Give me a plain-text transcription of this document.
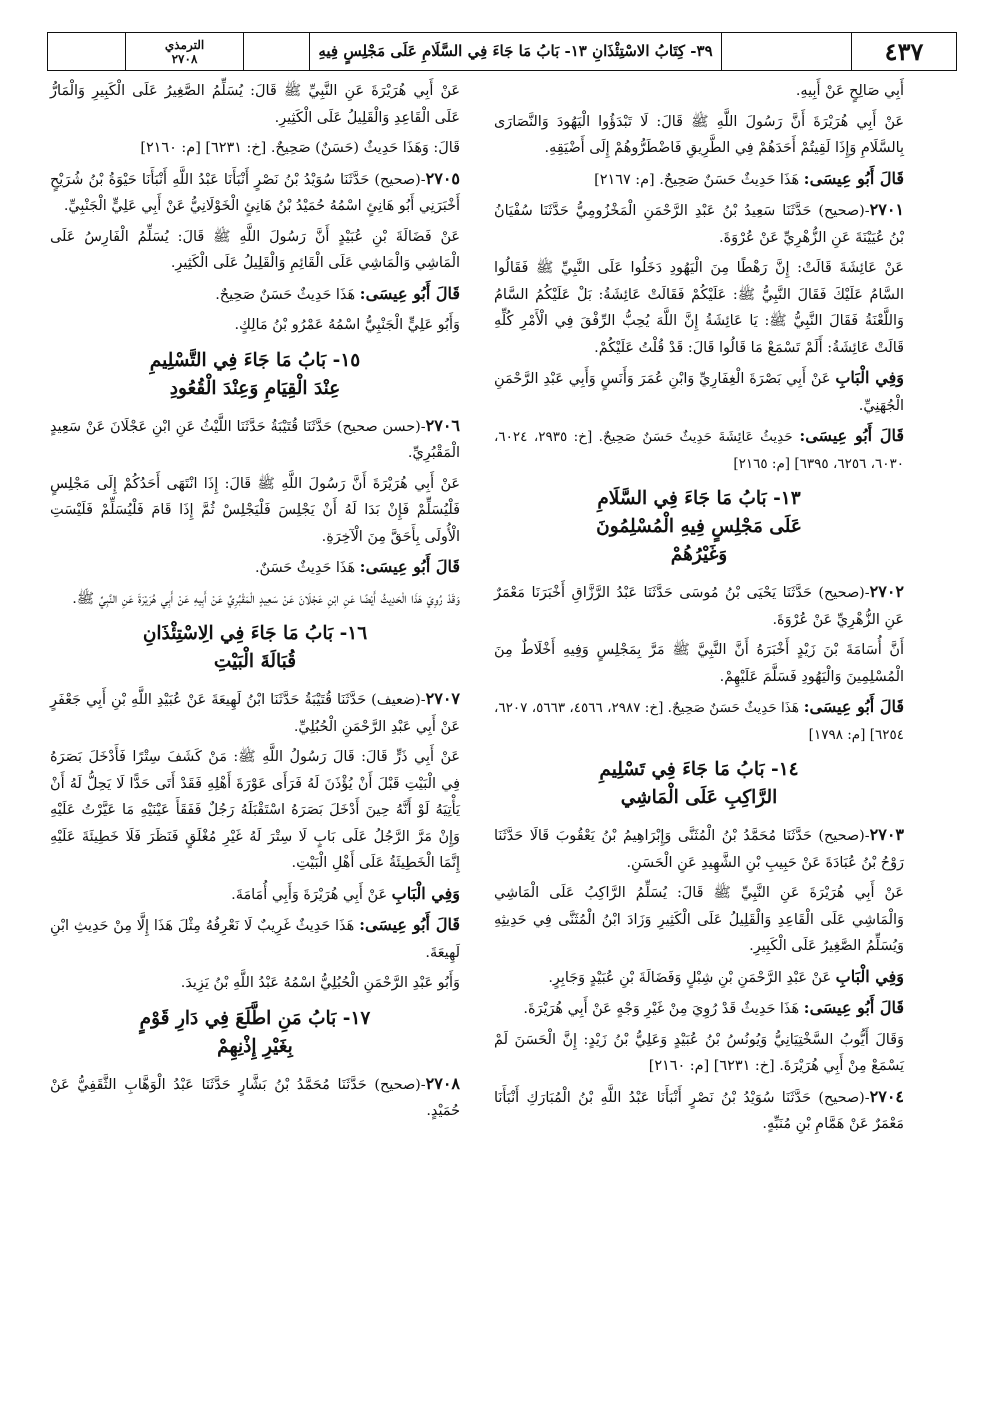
٤٣٧
٣٩- كِتَابُ الاسْتِئْذَانِ ١٣- بَابُ مَا جَاءَ فِي السَّلَامِ عَلَى مَجْلِسٍ فِيهِ
الترمذي
٢٧٠٨

أَبِي صَالِحٍ عَنْ أَبِيهِ.

عَنْ أَبِي هُرَيْرَةَ أَنَّ رَسُولَ اللَّهِ ﷺ قَالَ: لَا تَبْدَؤُوا الْيَهُودَ وَالنَّصَارَى بِالسَّلَامِ وَإِذَا لَقِيتُمْ أَحَدَهُمْ فِي الطَّرِيقِ فَاضْطَرُّوهُمْ إِلَى أَضْيَقِهِ.

قَالَ أَبُو عِيسَى: هَذَا حَدِيثٌ حَسَنٌ صَحِيحٌ. [م: ٢١٦٧]

٢٧٠١-(صحيح) حَدَّثَنَا سَعِيدُ بْنُ عَبْدِ الرَّحْمَنِ الْمَخْزُومِيُّ حَدَّثَنَا سُفْيَانُ بْنُ عُيَيْنَةَ عَنِ الزُّهْرِيِّ عَنْ عُرْوَةَ.

عَنْ عَائِشَةَ قَالَتْ: إِنَّ رَهْطًا مِنَ الْيَهُودِ دَخَلُوا عَلَى النَّبِيِّ ﷺ فَقَالُوا السَّامُ عَلَيْكَ فَقَالَ النَّبِيُّ ﷺ: عَلَيْكُمْ فَقَالَتْ عَائِشَةُ: بَلْ عَلَيْكُمُ السَّامُ وَاللَّعْنَةُ فَقَالَ النَّبِيُّ ﷺ: يَا عَائِشَةُ إِنَّ اللَّهَ يُحِبُّ الرِّفْقَ فِي الْأَمْرِ كُلِّهِ قَالَتْ عَائِشَةُ: أَلَمْ تَسْمَعْ مَا قَالُوا قَالَ: قَدْ قُلْتُ عَلَيْكُمْ.

وَفِي الْبَابِ عَنْ أَبِي بَصْرَةَ الْغِفَارِيِّ وَابْنِ عُمَرَ وَأَنَسٍ وَأَبِي عَبْدِ الرَّحْمَنِ الْجُهَنِيِّ.

قَالَ أَبُو عِيسَى: حَدِيثُ عَائِشَةَ حَدِيثٌ حَسَنٌ صَحِيحٌ. [خ: ٢٩٣٥، ٦٠٢٤، ٦٠٣٠، ٦٢٥٦، ٦٣٩٥] [م: ٢١٦٥]

١٣- بَابُ مَا جَاءَ فِي السَّلَامِ
عَلَى مَجْلِسٍ فِيهِ الْمُسْلِمُونَ
وَغَيْرُهُمْ

٢٧٠٢-(صحيح) حَدَّثَنَا يَحْيَى بْنُ مُوسَى حَدَّثَنَا عَبْدُ الرَّزَّاقِ أَخْبَرَنَا مَعْمَرٌ عَنِ الزُّهْرِيِّ عَنْ عُرْوَةَ.

أَنَّ أُسَامَةَ بْنَ زَيْدٍ أَخْبَرَهُ أَنَّ النَّبِيَّ ﷺ مَرَّ بِمَجْلِسٍ وَفِيهِ أَخْلَاطٌ مِنَ الْمُسْلِمِينَ وَالْيَهُودِ فَسَلَّمَ عَلَيْهِمْ.

قَالَ أَبُو عِيسَى: هَذَا حَدِيثٌ حَسَنٌ صَحِيحٌ. [خ: ٢٩٨٧، ٤٥٦٦، ٥٦٦٣، ٦٢٠٧، ٦٢٥٤] [م: ١٧٩٨]

١٤- بَابُ مَا جَاءَ فِي تَسْلِيمِ
الرَّاكِبِ عَلَى الْمَاشِي

٢٧٠٣-(صحيح) حَدَّثَنَا مُحَمَّدُ بْنُ الْمُثَنَّى وَإِبْرَاهِيمُ بْنُ يَعْقُوبَ قَالَا حَدَّثَنَا رَوْحُ بْنُ عُبَادَةَ عَنْ حَبِيبِ بْنِ الشَّهِيدِ عَنِ الْحَسَنِ.

عَنْ أَبِي هُرَيْرَةَ عَنِ النَّبِيِّ ﷺ قَالَ: يُسَلِّمُ الرَّاكِبُ عَلَى الْمَاشِي وَالْمَاشِي عَلَى الْقَاعِدِ وَالْقَلِيلُ عَلَى الْكَثِيرِ وَزَادَ ابْنُ الْمُثَنَّى فِي حَدِيثِهِ وَيُسَلِّمُ الصَّغِيرُ عَلَى الْكَبِيرِ.

وَفِي الْبَابِ عَنْ عَبْدِ الرَّحْمَنِ بْنِ شِبْلٍ وَفَضَالَةَ بْنِ عُبَيْدٍ وَجَابِرٍ.

قَالَ أَبُو عِيسَى: هَذَا حَدِيثٌ قَدْ رُوِيَ مِنْ غَيْرِ وَجْهٍ عَنْ أَبِي هُرَيْرَةَ.

وَقَالَ أَيُّوبُ السَّخْتِيَانِيُّ وَيُونُسُ بْنُ عُبَيْدٍ وَعَلِيُّ بْنُ زَيْدٍ: إِنَّ الْحَسَنَ لَمْ يَسْمَعْ مِنْ أَبِي هُرَيْرَةَ. [خ: ٦٢٣١] [م: ٢١٦٠]

٢٧٠٤-(صحيح) حَدَّثَنَا سُوَيْدُ بْنُ نَصْرٍ أَنْبَأَنَا عَبْدُ اللَّهِ بْنُ الْمُبَارَكِ أَنْبَأَنَا مَعْمَرٌ عَنْ هَمَّامِ بْنِ مُنَبِّهٍ.

عَنْ أَبِي هُرَيْرَةَ عَنِ النَّبِيِّ ﷺ قَالَ: يُسَلِّمُ الصَّغِيرُ عَلَى الْكَبِيرِ وَالْمَارُّ عَلَى الْقَاعِدِ وَالْقَلِيلُ عَلَى الْكَثِيرِ.

قَالَ: وَهَذَا حَدِيثٌ (حَسَنٌ) صَحِيحٌ. [خ: ٦٢٣١] [م: ٢١٦٠]

٢٧٠٥-(صحيح) حَدَّثَنَا سُوَيْدُ بْنُ نَصْرٍ أَنْبَأَنَا عَبْدُ اللَّهِ أَنْبَأَنَا حَيْوَةُ بْنُ شُرَيْحٍ أَخْبَرَنِي أَبُو هَانِئٍ اسْمُهُ حُمَيْدُ بْنُ هَانِئٍ الْخَوْلَانِيُّ عَنْ أَبِي عَلِيٍّ الْجَنْبِيِّ.

عَنْ فَضَالَةَ بْنِ عُبَيْدٍ أَنَّ رَسُولَ اللَّهِ ﷺ قَالَ: يُسَلِّمُ الْفَارِسُ عَلَى الْمَاشِي وَالْمَاشِي عَلَى الْقَائِمِ وَالْقَلِيلُ عَلَى الْكَثِيرِ.

قَالَ أَبُو عِيسَى: هَذَا حَدِيثٌ حَسَنٌ صَحِيحٌ.

وَأَبُو عَلِيٍّ الْجَنْبِيُّ اسْمُهُ عَمْرُو بْنُ مَالِكٍ.

١٥- بَابُ مَا جَاءَ فِي التَّسْلِيمِ
عِنْدَ الْقِيَامِ وَعِنْدَ الْقُعُودِ

٢٧٠٦-(حسن صحيح) حَدَّثَنَا قُتَيْبَةُ حَدَّثَنَا اللَّيْثُ عَنِ ابْنِ عَجْلَانَ عَنْ سَعِيدٍ الْمَقْبُرِيِّ.

عَنْ أَبِي هُرَيْرَةَ أَنَّ رَسُولَ اللَّهِ ﷺ قَالَ: إِذَا انْتَهَى أَحَدُكُمْ إِلَى مَجْلِسٍ فَلْيُسَلِّمْ فَإِنْ بَدَا لَهُ أَنْ يَجْلِسَ فَلْيَجْلِسْ ثُمَّ إِذَا قَامَ فَلْيُسَلِّمْ فَلَيْسَتِ الْأُولَى بِأَحَقَّ مِنَ الْآخِرَةِ.

قَالَ أَبُو عِيسَى: هَذَا حَدِيثٌ حَسَنٌ.

وَقَدْ رُوِيَ هَذَا الْحَدِيثُ أَيْضًا عَنِ ابْنِ عَجْلَانَ عَنْ سَعِيدٍ الْمَقْبُرِيِّ عَنْ أَبِيهِ عَنْ أَبِي هُرَيْرَةَ عَنِ النَّبِيِّ ﷺ.

١٦- بَابُ مَا جَاءَ فِي الِاسْتِئْذَانِ
قُبَالَةَ الْبَيْتِ

٢٧٠٧-(ضعيف) حَدَّثَنَا قُتَيْبَةُ حَدَّثَنَا ابْنُ لَهِيعَةَ عَنْ عُبَيْدِ اللَّهِ بْنِ أَبِي جَعْفَرٍ عَنْ أَبِي عَبْدِ الرَّحْمَنِ الْحُبُلِيِّ.

عَنْ أَبِي ذَرٍّ قَالَ: قَالَ رَسُولُ اللَّهِ ﷺ: مَنْ كَشَفَ سِتْرًا فَأَدْخَلَ بَصَرَهُ فِي الْبَيْتِ قَبْلَ أَنْ يُؤْذَنَ لَهُ فَرَأَى عَوْرَةَ أَهْلِهِ فَقَدْ أَتَى حَدًّا لَا يَحِلُّ لَهُ أَنْ يَأْتِيَهُ لَوْ أَنَّهُ حِينَ أَدْخَلَ بَصَرَهُ اسْتَقْبَلَهُ رَجُلٌ فَفَقَأَ عَيْنَيْهِ مَا عَيَّرْتُ عَلَيْهِ وَإِنْ مَرَّ الرَّجُلُ عَلَى بَابٍ لَا سِتْرَ لَهُ غَيْرِ مُغْلَقٍ فَنَظَرَ فَلَا خَطِيئَةَ عَلَيْهِ إِنَّمَا الْخَطِيئَةُ عَلَى أَهْلِ الْبَيْتِ.

وَفِي الْبَابِ عَنْ أَبِي هُرَيْرَةَ وَأَبِي أُمَامَةَ.

قَالَ أَبُو عِيسَى: هَذَا حَدِيثٌ غَرِيبٌ لَا نَعْرِفُهُ مِثْلَ هَذَا إِلَّا مِنْ حَدِيثِ ابْنِ لَهِيعَةَ.

وَأَبُو عَبْدِ الرَّحْمَنِ الْحُبُلِيُّ اسْمُهُ عَبْدُ اللَّهِ بْنُ يَزِيدَ.

١٧- بَابُ مَنِ اطَّلَعَ فِي دَارِ قَوْمٍ
بِغَيْرِ إِذْنِهِمْ

٢٧٠٨-(صحيح) حَدَّثَنَا مُحَمَّدُ بْنُ بَشَّارٍ حَدَّثَنَا عَبْدُ الْوَهَّابِ الثَّقَفِيُّ عَنْ حُمَيْدٍ.
